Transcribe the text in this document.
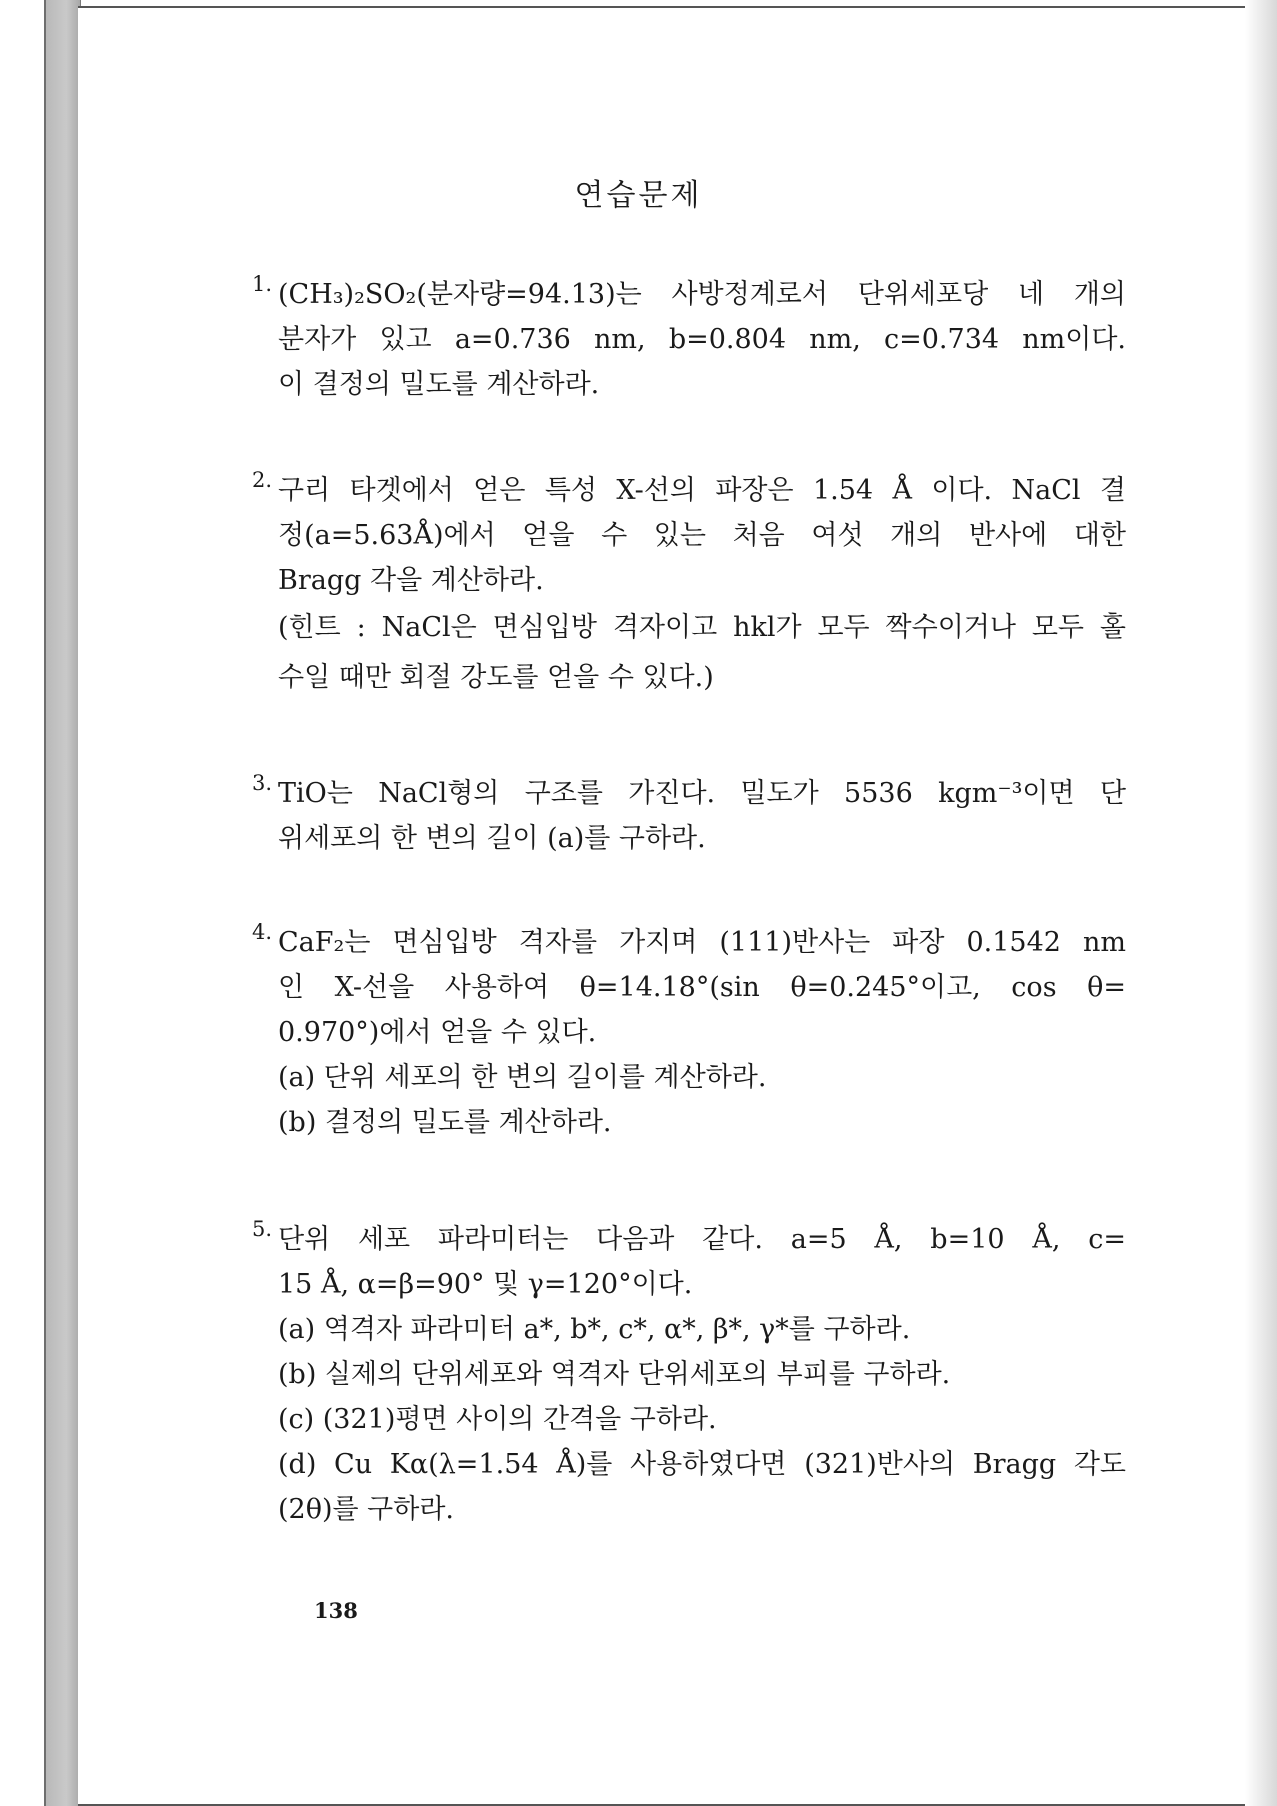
연습문제
1. (CH₃)₂SO₂(분자량=94.13)는 사방정계로서 단위세포당 네 개의
분자가 있고 a=0.736 nm, b=0.804 nm, c=0.734 nm이다.
이 결정의 밀도를 계산하라.
2. 구리 타겟에서 얻은 특성 X-선의 파장은 1.54 Å 이다. NaCl 결
정(a=5.63Å)에서 얻을 수 있는 처음 여섯 개의 반사에 대한
Bragg 각을 계산하라.
(힌트 : NaCl은 면심입방 격자이고 hkl가 모두 짝수이거나 모두 홀
수일 때만 회절 강도를 얻을 수 있다.)
3. TiO는 NaCl형의 구조를 가진다. 밀도가 5536 kgm⁻³이면 단
위세포의 한 변의 길이 (a)를 구하라.
4. CaF₂는 면심입방 격자를 가지며 (111)반사는 파장 0.1542 nm
인 X-선을 사용하여 θ=14.18°(sin θ=0.245°이고, cos θ=
0.970°)에서 얻을 수 있다.
(a) 단위 세포의 한 변의 길이를 계산하라.
(b) 결정의 밀도를 계산하라.
5. 단위 세포 파라미터는 다음과 같다. a=5 Å, b=10 Å, c=
15 Å, α=β=90° 및 γ=120°이다.
(a) 역격자 파라미터 a*, b*, c*, α*, β*, γ*를 구하라.
(b) 실제의 단위세포와 역격자 단위세포의 부피를 구하라.
(c) (321)평면 사이의 간격을 구하라.
(d) Cu Kα(λ=1.54 Å)를 사용하였다면 (321)반사의 Bragg 각도
(2θ)를 구하라.
138
